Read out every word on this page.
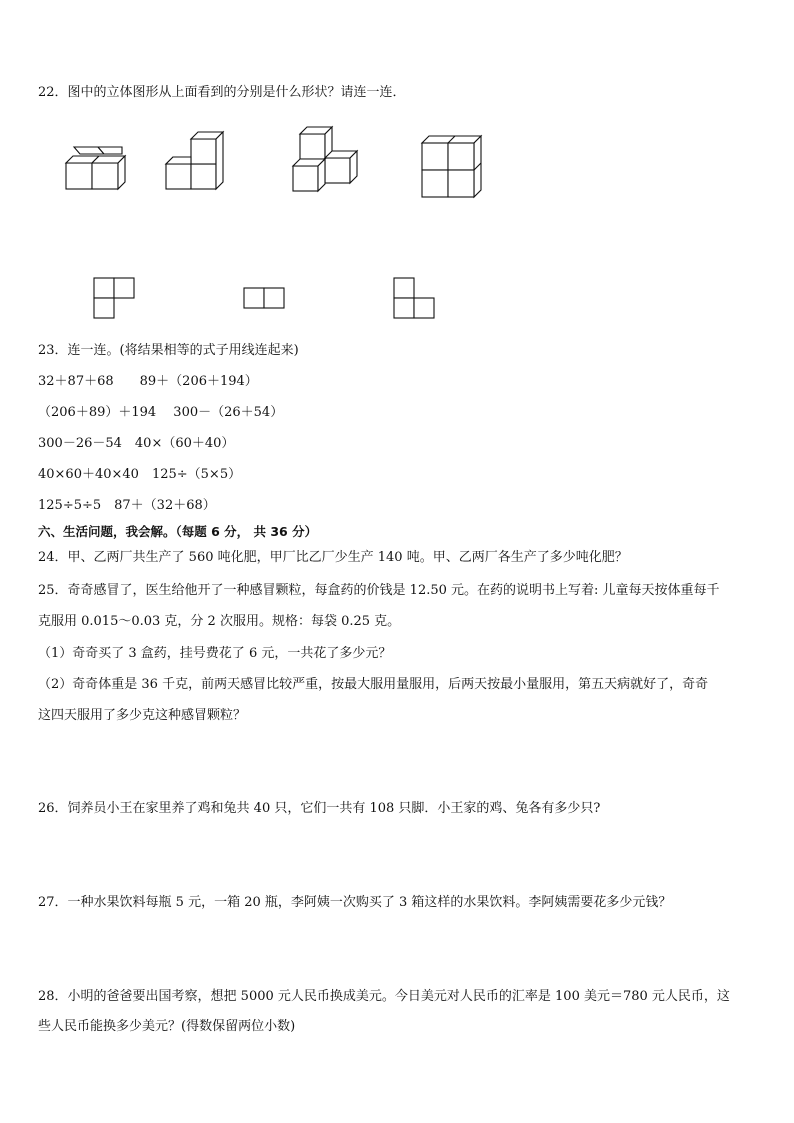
22．图中的立体图形从上面看到的分别是什么形状？请连一连．
23．连一连。(将结果相等的式子用线连起来)
32＋87＋68　　89＋（206＋194）
（206＋89）＋194　 300－（26＋54）
300－26－54　40×（60＋40）
40×60＋40×40　125÷（5×5）
125÷5÷5　87＋（32＋68）
六、生活问题，我会解。（每题 6 分， 共 36 分）
24．甲、乙两厂共生产了 560 吨化肥，甲厂比乙厂少生产 140 吨。甲、乙两厂各生产了多少吨化肥？
25．奇奇感冒了，医生给他开了一种感冒颗粒，每盒药的价钱是 12.50 元。在药的说明书上写着: 儿童每天按体重每千
克服用 0.015～0.03 克，分 2 次服用。规格：每袋 0.25 克。
（1）奇奇买了 3 盒药，挂号费花了 6 元，一共花了多少元？
（2）奇奇体重是 36 千克，前两天感冒比较严重，按最大服用量服用，后两天按最小量服用，第五天病就好了，奇奇
这四天服用了多少克这种感冒颗粒？
26．饲养员小王在家里养了鸡和兔共 40 只，它们一共有 108 只脚．小王家的鸡、兔各有多少只?
27．一种水果饮料每瓶 5 元，一箱 20 瓶，李阿姨一次购买了 3 箱这样的水果饮料。李阿姨需要花多少元钱？
28．小明的爸爸要出国考察，想把 5000 元人民币换成美元。今日美元对人民币的汇率是 100 美元＝780 元人民币，这
些人民币能换多少美元？(得数保留两位小数)
